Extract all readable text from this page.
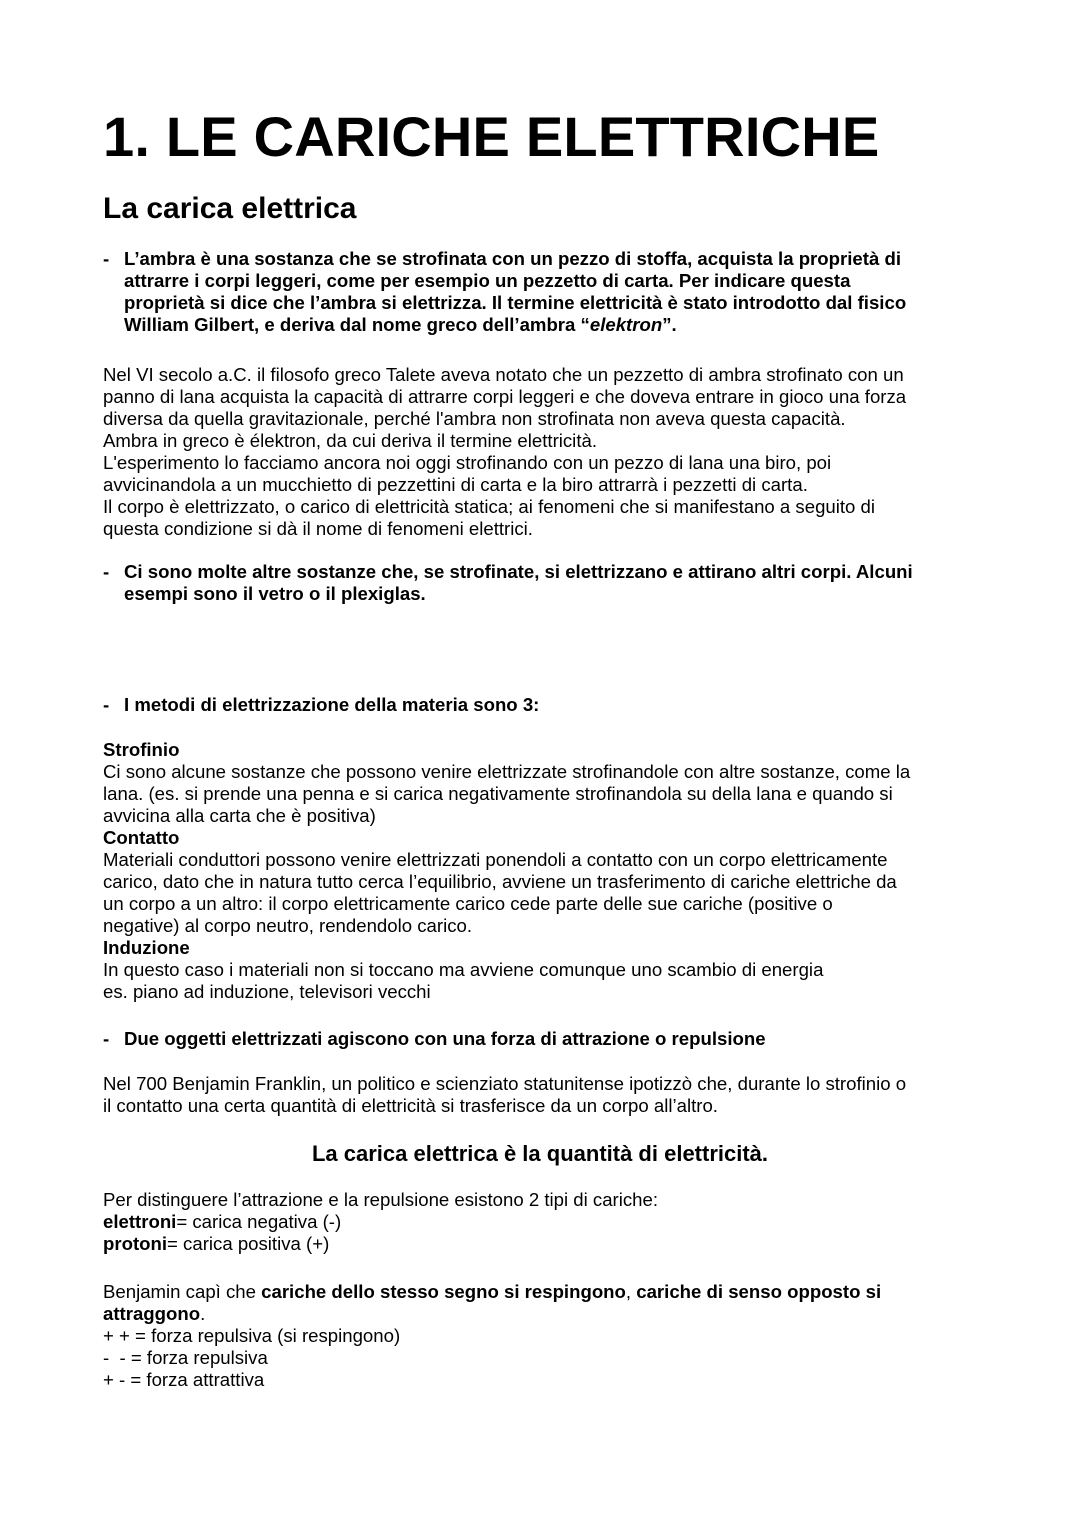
1. LE CARICHE ELETTRICHE
La carica elettrica
- L’ambra è una sostanza che se strofinata con un pezzo di stoffa, acquista la proprietà di
attrarre i corpi leggeri, come per esempio un pezzetto di carta. Per indicare questa
proprietà si dice che l’ambra si elettrizza. Il termine elettricità è stato introdotto dal fisico
William Gilbert, e deriva dal nome greco dell’ambra “elektron”.
Nel VI secolo a.C. il filosofo greco Talete aveva notato che un pezzetto di ambra strofinato con un
panno di lana acquista la capacità di attrarre corpi leggeri e che doveva entrare in gioco una forza
diversa da quella gravitazionale, perché l'ambra non strofinata non aveva questa capacità.
Ambra in greco è élektron, da cui deriva il termine elettricità.
L'esperimento lo facciamo ancora noi oggi strofinando con un pezzo di lana una biro, poi
avvicinandola a un mucchietto di pezzettini di carta e la biro attrarrà i pezzetti di carta.
Il corpo è elettrizzato, o carico di elettricità statica; ai fenomeni che si manifestano a seguito di
questa condizione si dà il nome di fenomeni elettrici.
- Ci sono molte altre sostanze che, se strofinate, si elettrizzano e attirano altri corpi. Alcuni
esempi sono il vetro o il plexiglas.
- I metodi di elettrizzazione della materia sono 3:
Strofinio
Ci sono alcune sostanze che possono venire elettrizzate strofinandole con altre sostanze, come la
lana. (es. si prende una penna e si carica negativamente strofinandola su della lana e quando si
avvicina alla carta che è positiva)
Contatto
Materiali conduttori possono venire elettrizzati ponendoli a contatto con un corpo elettricamente
carico, dato che in natura tutto cerca l’equilibrio, avviene un trasferimento di cariche elettriche da
un corpo a un altro: il corpo elettricamente carico cede parte delle sue cariche (positive o
negative) al corpo neutro, rendendolo carico.
Induzione
In questo caso i materiali non si toccano ma avviene comunque uno scambio di energia
es. piano ad induzione, televisori vecchi
- Due oggetti elettrizzati agiscono con una forza di attrazione o repulsione
Nel 700 Benjamin Franklin, un politico e scienziato statunitense ipotizzò che, durante lo strofinio o
il contatto una certa quantità di elettricità si trasferisce da un corpo all’altro.
La carica elettrica è la quantità di elettricità.
Per distinguere l’attrazione e la repulsione esistono 2 tipi di cariche:
elettroni= carica negativa (-)
protoni= carica positiva (+)
Benjamin capì che cariche dello stesso segno si respingono, cariche di senso opposto si
attraggono.
+ + = forza repulsiva (si respingono)
-  - = forza repulsiva
+ - = forza attrattiva
